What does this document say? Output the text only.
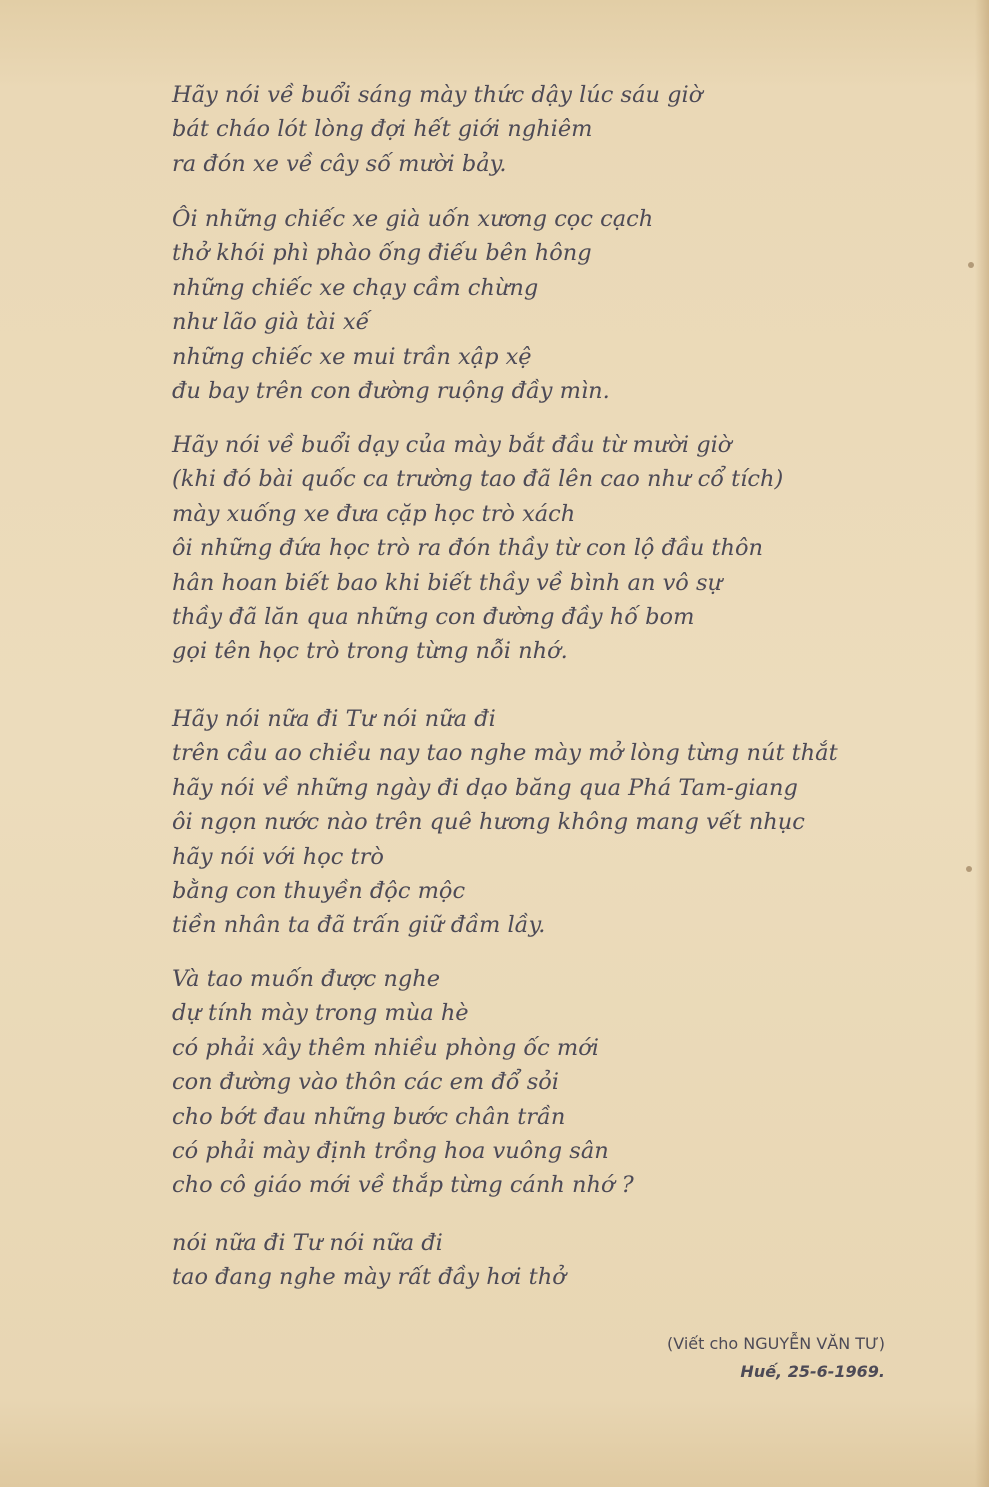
Hãy nói về buổi sáng mày thức dậy lúc sáu giờ
bát cháo lót lòng đợi hết giới nghiêm
ra đón xe về cây số mười bảy.
Ôi những chiếc xe già uốn xương cọc cạch
thở khói phì phào ống điếu bên hông
những chiếc xe chạy cầm chừng
như lão già tài xế
những chiếc xe mui trần xập xệ
đu bay trên con đường ruộng đầy mìn.
Hãy nói về buổi dạy của mày bắt đầu từ mười giờ
(khi đó bài quốc ca trường tao đã lên cao như cổ tích)
mày xuống xe đưa cặp học trò xách
ôi những đứa học trò ra đón thầy từ con lộ đầu thôn
hân hoan biết bao khi biết thầy về bình an vô sự
thầy đã lăn qua những con đường đầy hố bom
gọi tên học trò trong từng nỗi nhớ.
Hãy nói nữa đi Tư nói nữa đi
trên cầu ao chiều nay tao nghe mày mở lòng từng nút thắt
hãy nói về những ngày đi dạo băng qua Phá Tam-giang
ôi ngọn nước nào trên quê hương không mang vết nhục
hãy nói với học trò
bằng con thuyền độc mộc
tiền nhân ta đã trấn giữ đầm lầy.
Và tao muốn được nghe
dự tính mày trong mùa hè
có phải xây thêm nhiều phòng ốc mới
con đường vào thôn các em đổ sỏi
cho bớt đau những bước chân trần
có phải mày định trồng hoa vuông sân
cho cô giáo mới về thắp từng cánh nhớ ?
nói nữa đi Tư nói nữa đi
tao đang nghe mày rất đầy hơi thở
(Viết cho NGUYỄN VĂN TƯ)
Huế, 25-6-1969.
